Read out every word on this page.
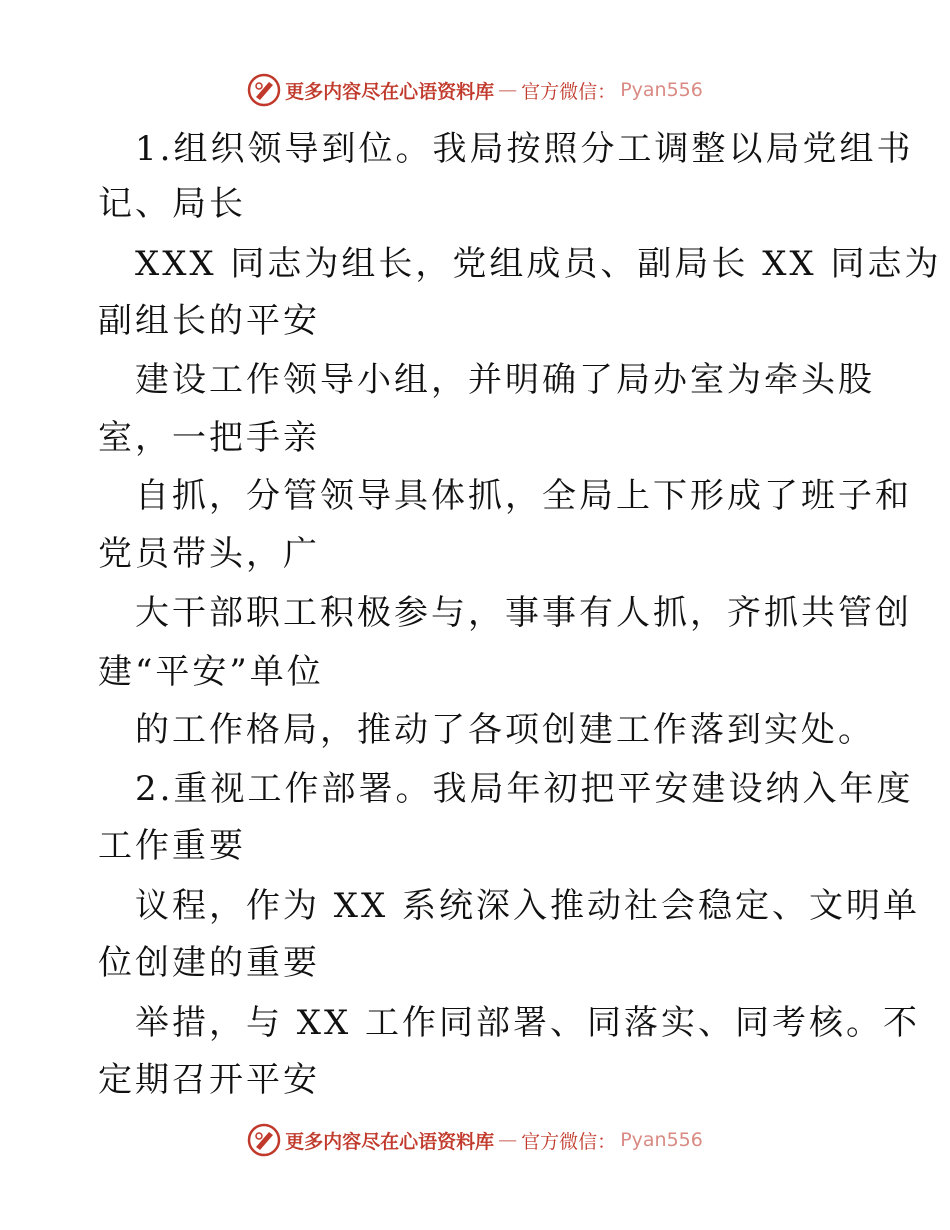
更多内容尽在心语资料库 — 官方微信： Pyan556
1.组织领导到位。我局按照分工调整以局党组书
记、局长
XXX 同志为组长，党组成员、副局长 XX 同志为
副组长的平安
建设工作领导小组，并明确了局办室为牵头股
室，一把手亲
自抓，分管领导具体抓，全局上下形成了班子和
党员带头，广
大干部职工积极参与，事事有人抓，齐抓共管创
建“平安”单位
的工作格局，推动了各项创建工作落到实处。
2.重视工作部署。我局年初把平安建设纳入年度
工作重要
议程，作为 XX 系统深入推动社会稳定、文明单
位创建的重要
举措，与 XX 工作同部署、同落实、同考核。不
定期召开平安
更多内容尽在心语资料库 — 官方微信： Pyan556
